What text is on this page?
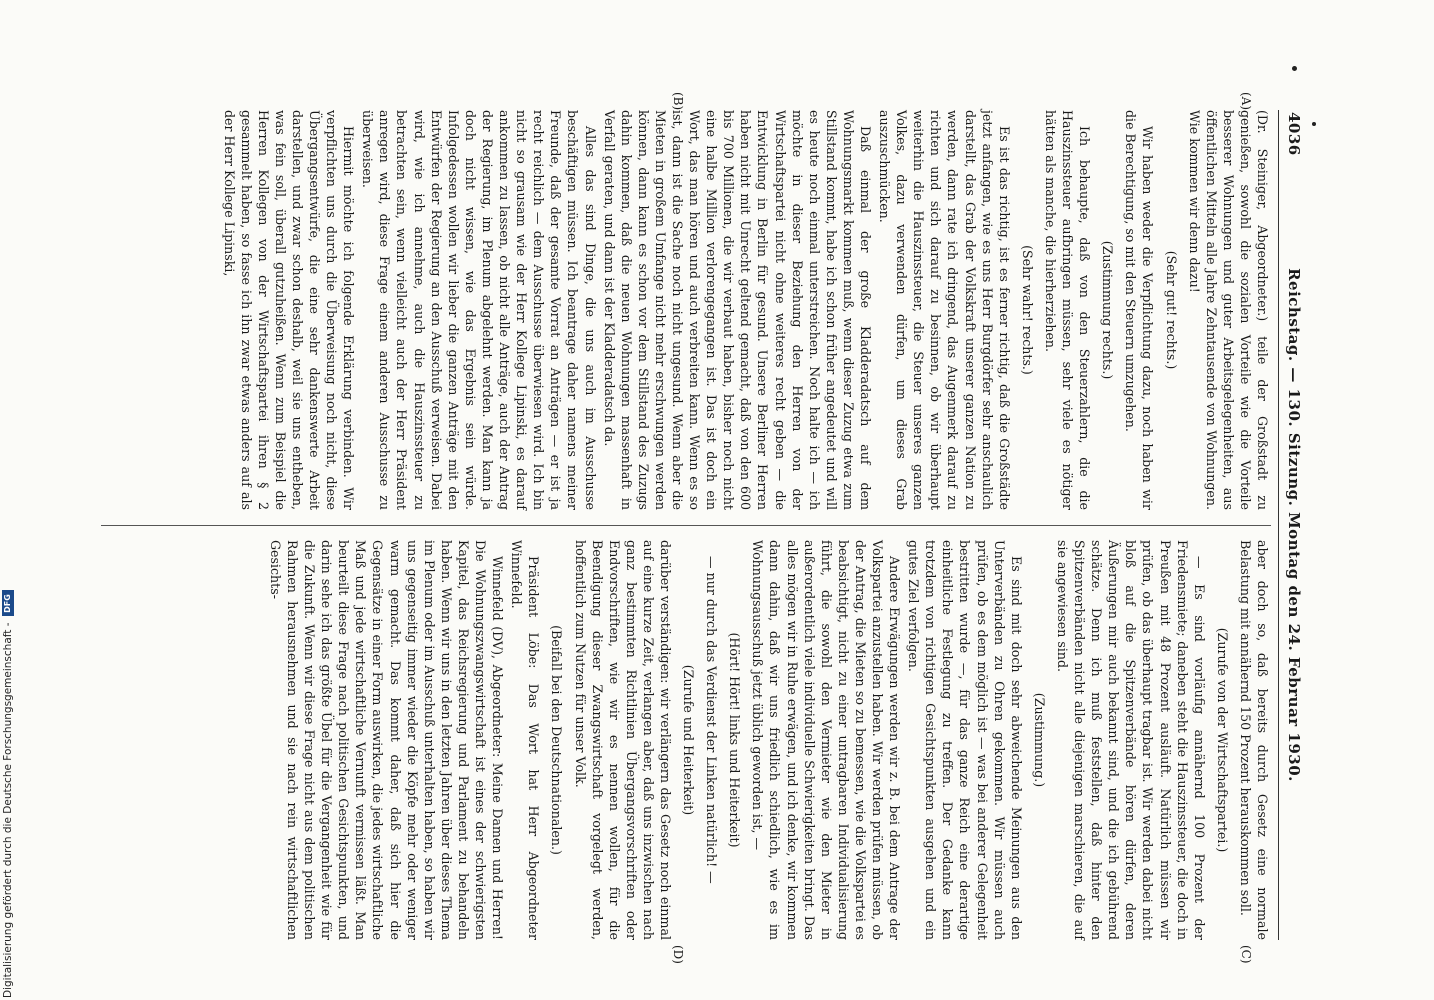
4036
Reichstag. — 130. Sitzung. Montag den 24. Februar 1930.
(A)
(B)
(C)
(D)

(Dr. Steiniger, Abgeordneter.) teile der Großstadt zu genießen, sowohl die sozialen Vorteile wie die Vorteile besserer Wohnungen und guter Arbeitsgelegenheiten, aus öffentlichen Mitteln alle Jahre Zehntausende von Wohnungen. Wie kommen wir denn dazu!

(Sehr gut! rechts.)

Wir haben weder die Verpflichtung dazu, noch haben wir die Berechtigung, so mit den Steuern umzugehen.

(Zustimmung rechts.)

Ich behaupte, daß von den Steuerzahlern, die die Hauszinssteuer aufbringen müssen, sehr viele es nötiger hätten als manche, die hierherziehen.

(Sehr wahr! rechts.)

Es ist das richtig, ist es ferner richtig, daß die Großstädte jetzt anfangen, wie es uns Herr Burgdörfer sehr anschaulich darstellt, das Grab der Volkskraft unserer ganzen Nation zu werden, dann rate ich dringend, das Augenmerk darauf zu richten und sich darauf zu besinnen, ob wir überhaupt weiterhin die Hauszinssteuer, die Steuer unseres ganzen Volkes, dazu verwenden dürfen, um dieses Grab auszuschmücken.

Daß einmal der große Kladderadatsch auf dem Wohnungsmarkt kommen muß, wenn dieser Zuzug etwa zum Stillstand kommt, habe ich schon früher angedeutet und will es heute noch einmal unterstreichen. Noch halte ich — ich möchte in dieser Beziehung den Herren von der Wirtschaftspartei nicht ohne weiteres recht geben — die Entwicklung in Berlin für gesund. Unsere Berliner Herren haben nicht mit Unrecht geltend gemacht, daß von den 600 bis 700 Millionen, die wir verbaut haben, bisher noch nicht eine halbe Million verlorengegangen ist. Das ist doch ein Wort, das man hören und auch verbreiten kann. Wenn es so ist, dann ist die Sache noch nicht ungesund. Wenn aber die Mieten in großem Umfange nicht mehr erschwungen werden können, dann kann es schon vor dem Stillstand des Zuzugs dahin kommen, daß die neuen Wohnungen massenhaft in Verfall geraten, und dann ist der Kladderadatsch da.

Alles das sind Dinge, die uns auch im Ausschusse beschäftigen müssen. Ich beantrage daher namens meiner Freunde, daß der gesamte Vorrat an Anträgen — er ist ja recht reichlich — dem Ausschusse überwiesen wird. Ich bin nicht so grausam wie der Herr Kollege Lipinski, es darauf ankommen zu lassen, ob nicht alle Anträge, auch der Antrag der Regierung, im Plenum abgelehnt werden. Man kann ja doch nicht wissen, wie das Ergebnis sein würde. Infolgedessen wollen wir lieber die ganzen Anträge mit den Entwürfen der Regierung an den Ausschuß verweisen. Dabei wird, wie ich annehme, auch die Hauszinssteuer zu betrachten sein, wenn vielleicht auch der Herr Präsident anregen wird, diese Frage einem anderen Ausschusse zu überweisen.

Hiermit möchte ich folgende Erklärung verbinden. Wir verpflichten uns durch die Überweisung noch nicht, diese Übergangsentwürfe, die eine sehr dankenswerte Arbeit darstellen, und zwar schon deshalb, weil sie uns entheben, was fein soll, überall gutzuheißen. Wenn zum Beispiel die Herren Kollegen von der Wirtschaftspartei ihren § 2 gesammelt haben, so fasse ich ihn zwar etwas anders auf als der Herr Kollege Lipinski,

aber doch so, daß bereits durch Gesetz eine normale Belastung mit annähernd 150 Prozent herauskommen soll.

(Zurufe von der Wirtschaftspartei.)

— Es sind vorläufig annähernd 100 Prozent der Friedensmiete; daneben steht die Hauszinssteuer, die doch in Preußen mit 48 Prozent ausläuft. Natürlich müssen wir prüfen, ob das überhaupt tragbar ist. Wir werden dabei nicht bloß auf die Spitzenverbände hören dürfen, deren Äußerungen mir auch bekannt sind, und die ich gebührend schätze. Denn ich muß feststellen, daß hinter den Spitzenverbänden nicht alle diejenigen marschieren, die auf sie angewiesen sind.

(Zustimmung.)

Es sind mit doch sehr abweichende Meinungen aus den Unterverbänden zu Ohren gekommen. Wir müssen auch prüfen, ob es dem möglich ist — was bei anderer Gelegenheit bestritten wurde —, für das ganze Reich eine derartige einheitliche Festlegung zu treffen. Der Gedanke kann trotzdem von richtigen Gesichtspunkten ausgehen und ein gutes Ziel verfolgen.

Andere Erwägungen werden wir z. B. bei dem Antrage der Volkspartei anzustellen haben. Wir werden prüfen müssen, ob der Antrag, die Mieten so zu bemessen, wie die Volkspartei es beabsichtigt, nicht zu einer untragbaren Individualisierung führt, die sowohl den Vermieter wie den Mieter in außerordentlich viele individuelle Schwierigkeiten bringt. Das alles mögen wir in Ruhe erwägen, und ich denke, wir kommen dann dahin, daß wir uns friedlich schiedlich, wie es im Wohnungsausschuß jetzt üblich geworden ist, —

(Hört! Hört! links und Heiterkeit)

— nur durch das Verdienst der Linken natürlich! —

(Zurufe und Heiterkeit)

darüber verständigen: wir verlängern das Gesetz noch einmal auf eine kurze Zeit, verlangen aber, daß uns inzwischen nach ganz bestimmten Richtlinien Übergangsvorschriften oder Endvorschriften, wie wir es nennen wollen, für die Beendigung dieser Zwangswirtschaft vorgelegt werden, hoffentlich zum Nutzen für unser Volk.

(Beifall bei den Deutschnationalen.)

Präsident Löbe: Das Wort hat Herr Abgeordneter Winnefeld.

Winnefeld (DV), Abgeordneter: Meine Damen und Herren! Die Wohnungszwangswirtschaft ist eines der schwierigsten Kapitel, das Reichsregierung und Parlament zu behandeln haben. Wenn wir uns in den letzten Jahren über dieses Thema im Plenum oder im Ausschuß unterhalten haben, so haben wir uns gegenseitig immer wieder die Köpfe mehr oder weniger warm gemacht. Das kommt daher, daß sich hier die Gegensätze in einer Form auswirken, die jedes wirtschaftliche Maß und jede wirtschaftliche Vernunft vermissen läßt. Man beurteilt diese Frage nach politischen Gesichtspunkten, und darin sehe ich das größte Übel für die Vergangenheit wie für die Zukunft. Wenn wir diese Frage nicht aus dem politischen Rahmen herausnehmen und sie nach rein wirtschaftlichen Gesichts-

Digitalisierung gefördert durch die Deutsche Forschungsgemeinschaft -
DFG
